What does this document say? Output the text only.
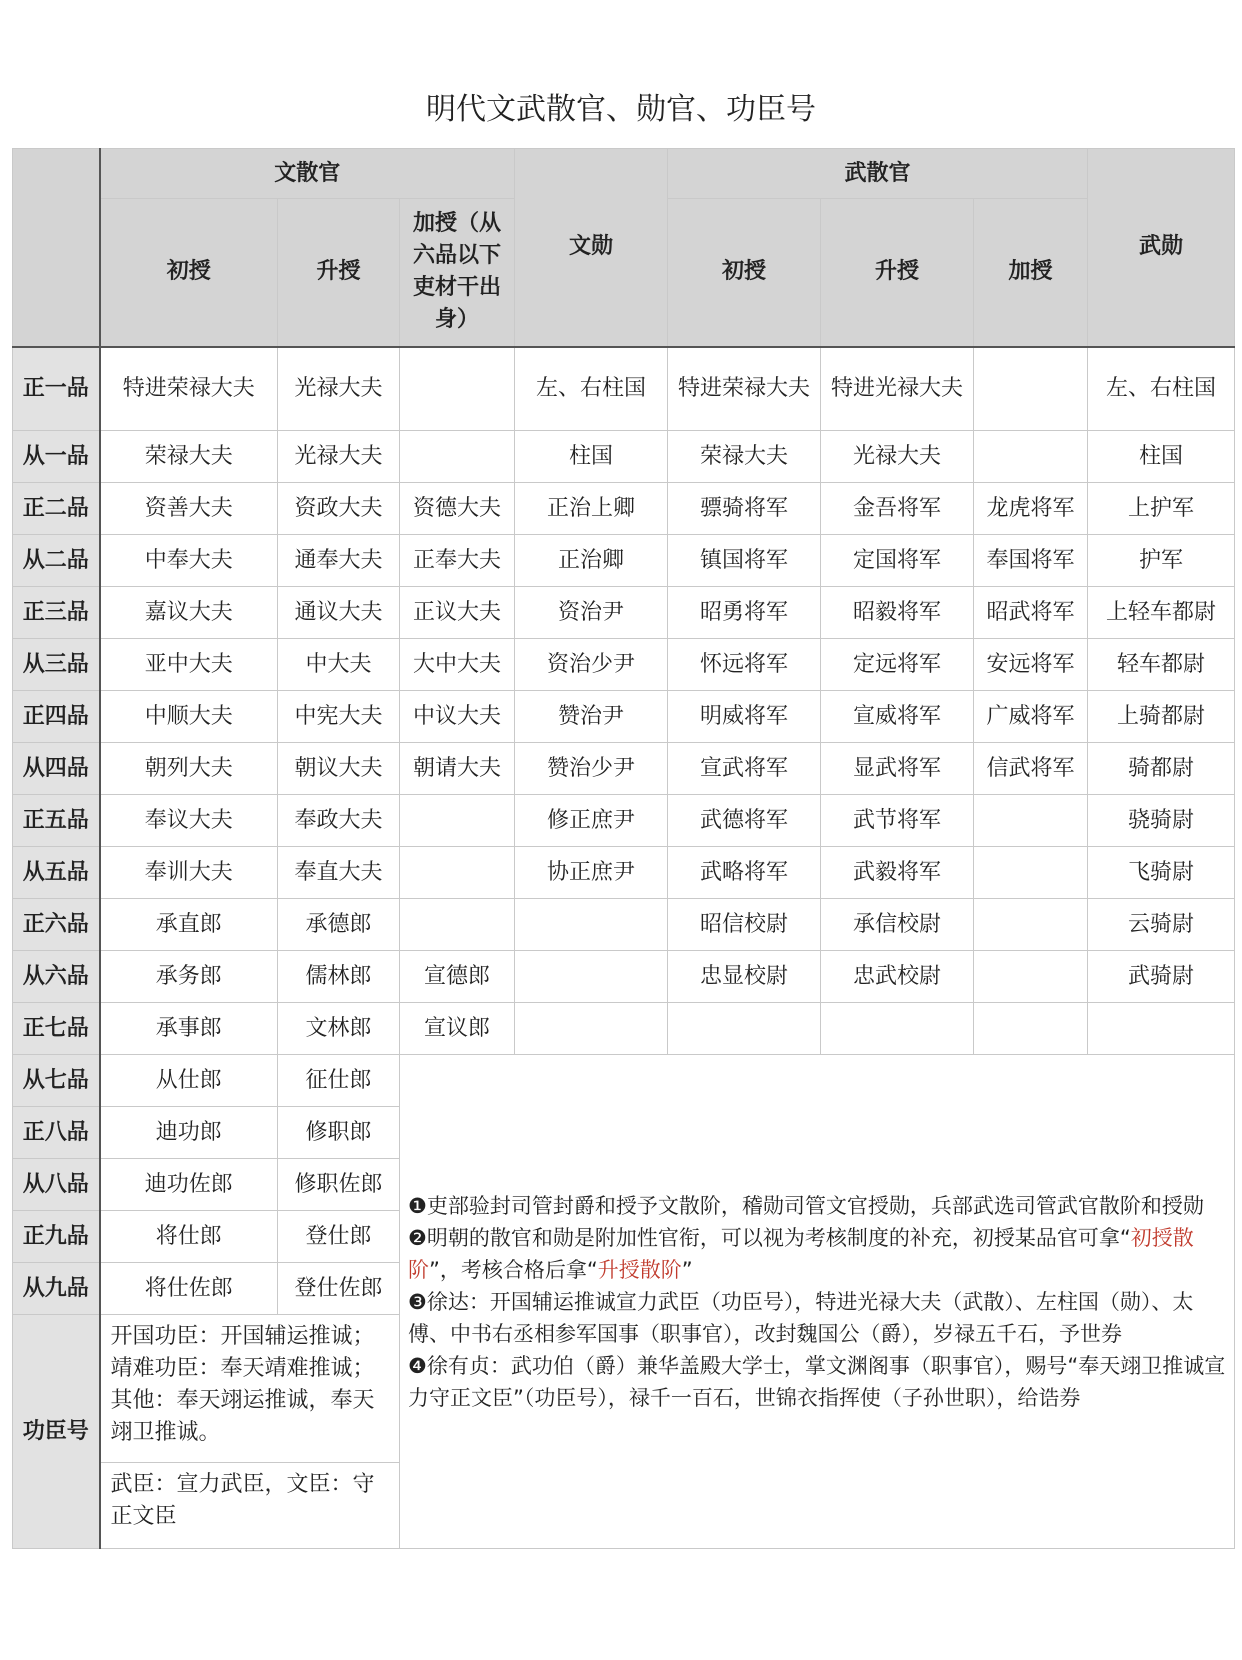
明代文武散官、勋官、功臣号
	文散官			文勋	武散官			武勋
	初授	升授	加授（从六品以下吏材干出身）		初授	升授	加授	
正一品	特进荣禄大夫	光禄大夫		左、右柱国	特进荣禄大夫	特进光禄大夫		左、右柱国
从一品	荣禄大夫	光禄大夫		柱国	荣禄大夫	光禄大夫		柱国
正二品	资善大夫	资政大夫	资德大夫	正治上卿	骠骑将军	金吾将军	龙虎将军	上护军
从二品	中奉大夫	通奉大夫	正奉大夫	正治卿	镇国将军	定国将军	奉国将军	护军
正三品	嘉议大夫	通议大夫	正议大夫	资治尹	昭勇将军	昭毅将军	昭武将军	上轻车都尉
从三品	亚中大夫	中大夫	大中大夫	资治少尹	怀远将军	定远将军	安远将军	轻车都尉
正四品	中顺大夫	中宪大夫	中议大夫	赞治尹	明威将军	宣威将军	广威将军	上骑都尉
从四品	朝列大夫	朝议大夫	朝请大夫	赞治少尹	宣武将军	显武将军	信武将军	骑都尉
正五品	奉议大夫	奉政大夫		修正庶尹	武德将军	武节将军		骁骑尉
从五品	奉训大夫	奉直大夫		协正庶尹	武略将军	武毅将军		飞骑尉
正六品	承直郎	承德郎			昭信校尉	承信校尉		云骑尉
从六品	承务郎	儒林郎	宣德郎		忠显校尉	忠武校尉		武骑尉
正七品	承事郎	文林郎	宣议郎					
从七品	从仕郎	征仕郎	❶吏部验封司管封爵和授予文散阶，稽勋司管文官授勋，兵部武选司管武官散阶和授勋

❷明朝的散官和勋是附加性官衔，可以视为考核制度的补充，初授某品官可拿“初授散阶”，考核合格后拿“升授散阶”

❸徐达：开国辅运推诚宣力武臣（功臣号），特进光禄大夫（武散）、左柱国（勋）、太傅、中书右丞相参军国事（职事官），改封魏国公（爵），岁禄五千石，予世券

❹徐有贞：武功伯（爵）兼华盖殿大学士，掌文渊阁事（职事官），赐号“奉天翊卫推诚宣力守正文臣”（功臣号），禄千一百石，世锦衣指挥使（子孙世职），给诰券					

正八品	迪功郎	修职郎						
从八品	迪功佐郎	修职佐郎						
正九品	将仕郎	登仕郎						
从九品	将仕佐郎	登仕佐郎						
功臣号	开国功臣：开国辅运推诚；
靖难功臣：奉天靖难推诚；
其他：奉天翊运推诚，奉天翊卫推诚。							

	武臣：宣力武臣，文臣：守正文臣							
